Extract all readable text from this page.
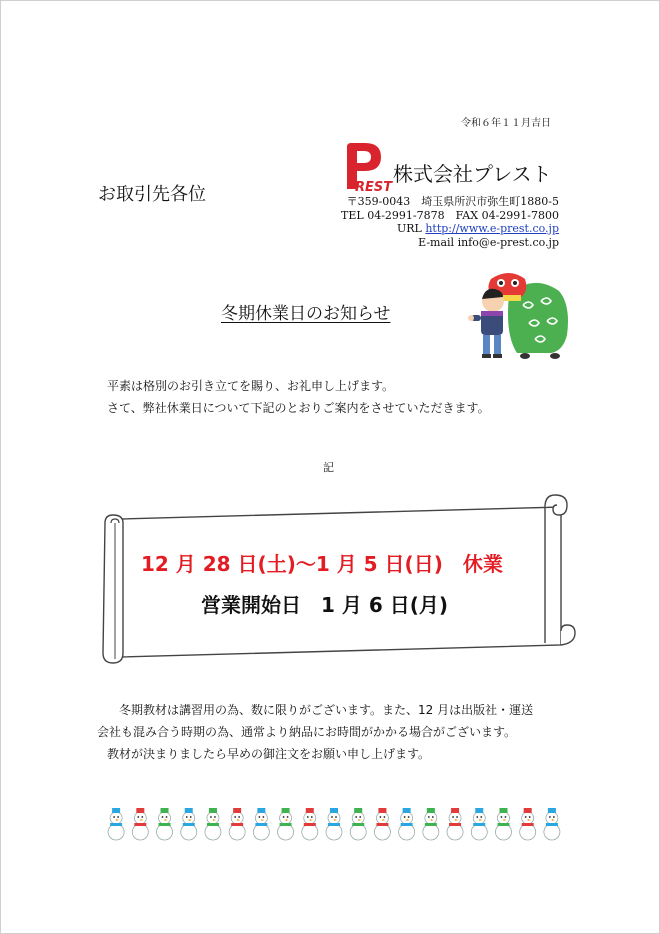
令和６年１１月吉日
お取引先各位	REST
株式会社プレスト
〒359-0043　埼玉県所沢市弥生町1880-5
TEL 04-2991-7878　FAX 04-2991-7800
URL http://www.e-prest.co.jp
E-mail info@e-prest.co.jp
冬期休業日のお知らせ
平素は格別のお引き立てを賜り、お礼申し上げます。
さて、弊社休業日について下記のとおりご案内をさせていただきます。
記
12 月 28 日(土)～1 月 5 日(日)　休業
営業開始日　1 月 6 日(月)
冬期教材は講習用の為、数に限りがございます。また、12 月は出版社・運送
会社も混み合う時期の為、通常より納品にお時間がかかる場合がございます。
教材が決まりましたら早めの御注文をお願い申し上げます。
